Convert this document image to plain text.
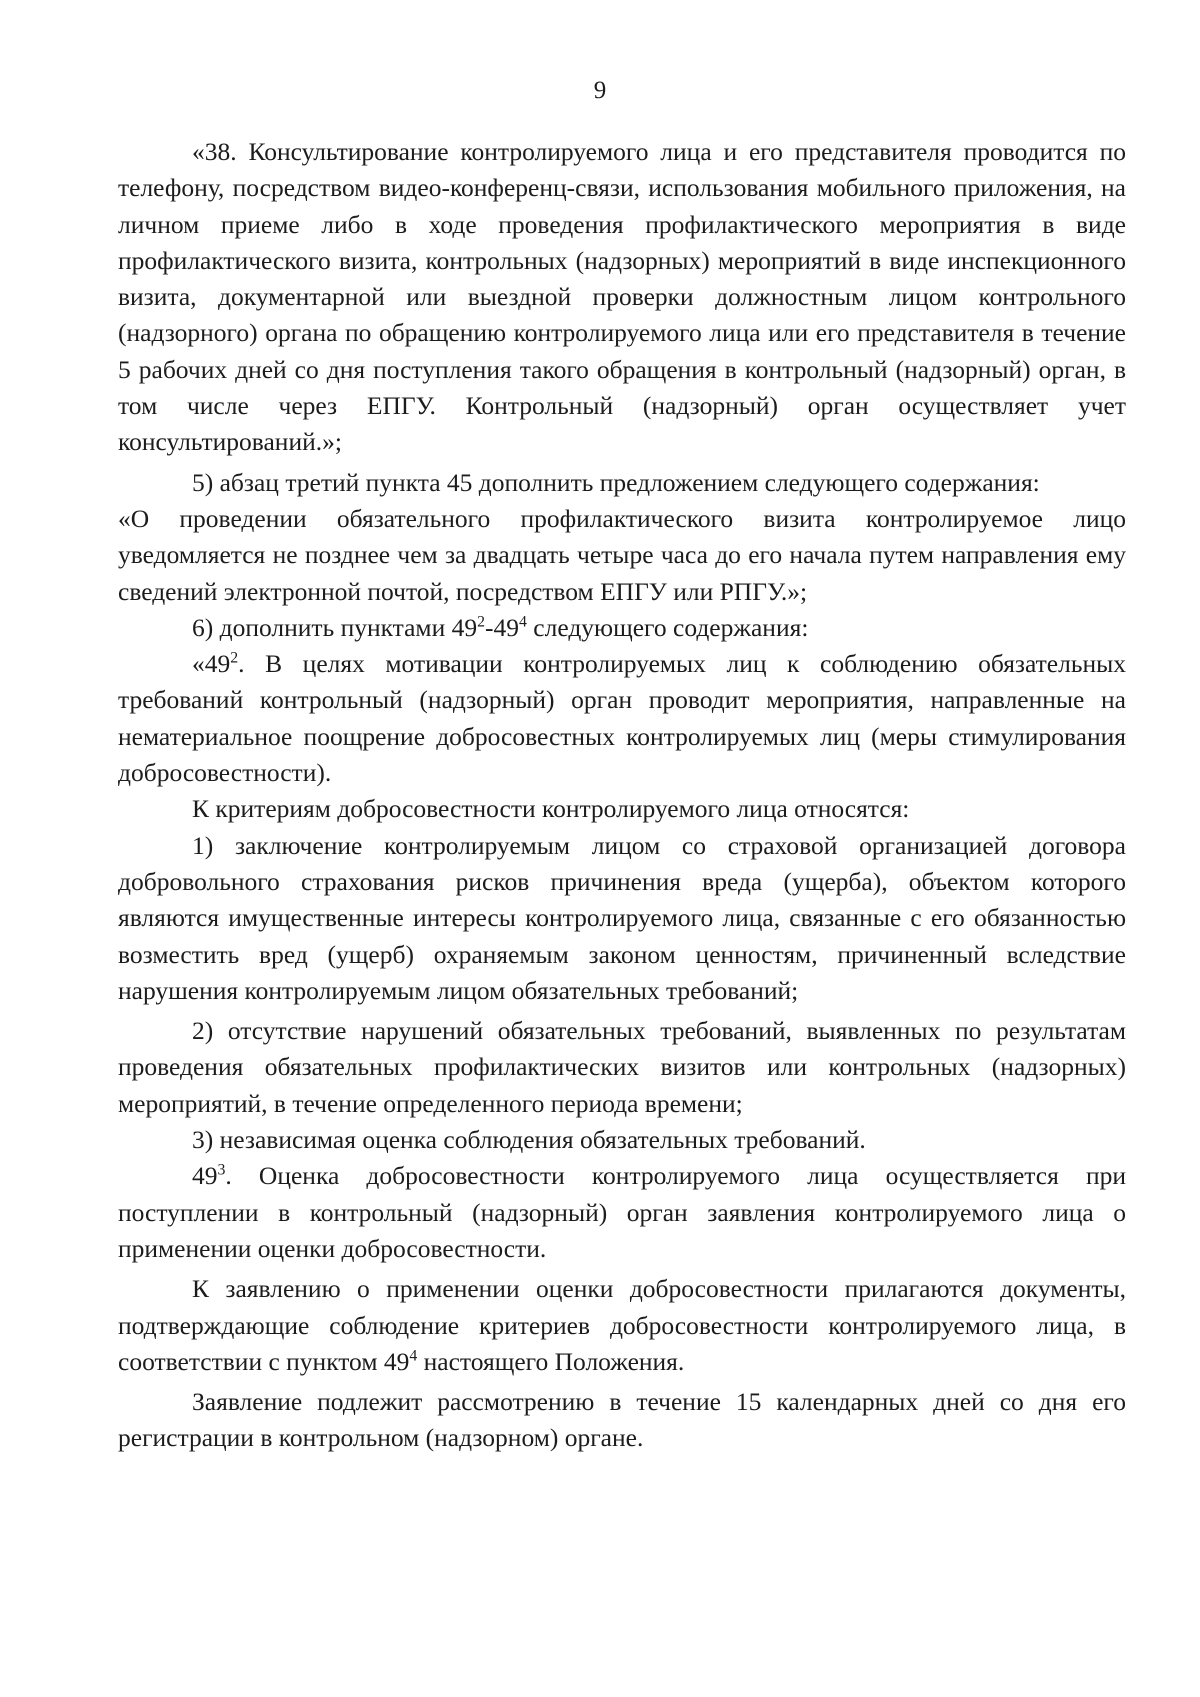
9

«38. Консультирование контролируемого лица и его представителя проводится по телефону, посредством видео-конференц-связи, использования мобильного приложения, на личном приеме либо в ходе проведения профилактического мероприятия в виде профилактического визита, контрольных (надзорных) мероприятий в виде инспекционного визита, документарной или выездной проверки должностным лицом контрольного (надзорного) органа по обращению контролируемого лица или его представителя в течение 5 рабочих дней со дня поступления такого обращения в контрольный (надзорный) орган, в том числе через ЕПГУ. Контрольный (надзорный) орган осуществляет учет консультирований.»;

5) абзац третий пункта 45 дополнить предложением следующего содержания:

«О проведении обязательного профилактического визита контролируемое лицо уведомляется не позднее чем за двадцать четыре часа до его начала путем направления ему сведений электронной почтой, посредством ЕПГУ или РПГУ.»;

6) дополнить пунктами $49^2-49^4$ следующего содержания:

«$49^2$. В целях мотивации контролируемых лиц к соблюдению обязательных требований контрольный (надзорный) орган проводит мероприятия, направленные на нематериальное поощрение добросовестных контролируемых лиц (меры стимулирования добросовестности).

К критериям добросовестности контролируемого лица относятся:

1) заключение контролируемым лицом со страховой организацией договора добровольного страхования рисков причинения вреда (ущерба), объектом которого являются имущественные интересы контролируемого лица, связанные с его обязанностью возместить вред (ущерб) охраняемым законом ценностям, причиненный вследствие нарушения контролируемым лицом обязательных требований;

2) отсутствие нарушений обязательных требований, выявленных по результатам проведения обязательных профилактических визитов или контрольных (надзорных) мероприятий, в течение определенного периода времени;

3) независимая оценка соблюдения обязательных требований.

$49^3$. Оценка добросовестности контролируемого лица осуществляется при поступлении в контрольный (надзорный) орган заявления контролируемого лица о применении оценки добросовестности.

К заявлению о применении оценки добросовестности прилагаются документы, подтверждающие соблюдение критериев добросовестности контролируемого лица, в соответствии с пунктом $49^4$ настоящего Положения.

Заявление подлежит рассмотрению в течение 15 календарных дней со дня его регистрации в контрольном (надзорном) органе.
